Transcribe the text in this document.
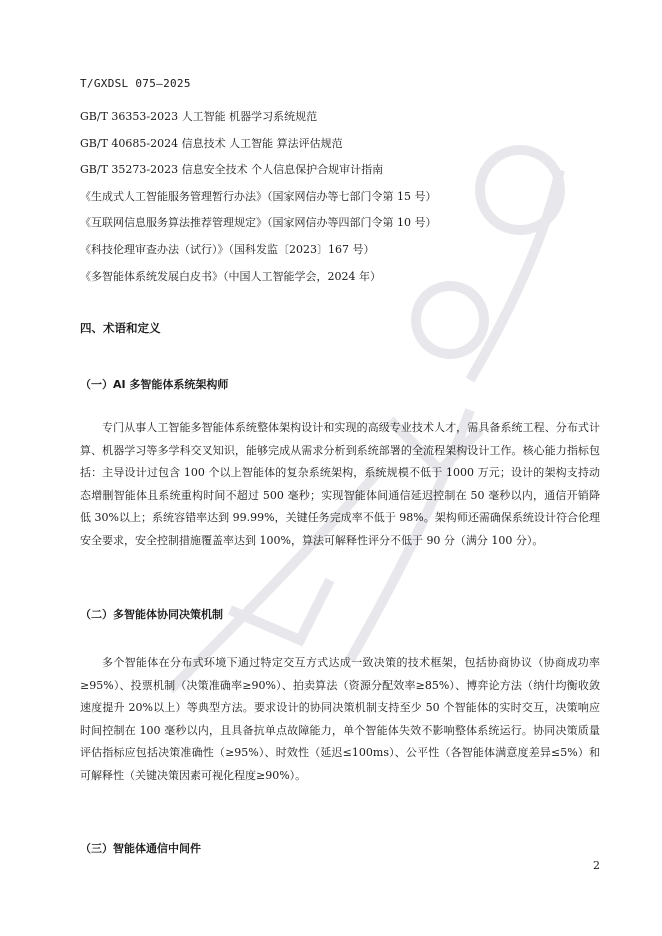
T/GXDSL 075—2025
GB/T 36353-2023 人工智能 机器学习系统规范
GB/T 40685-2024 信息技术 人工智能 算法评估规范
GB/T 35273-2023 信息安全技术 个人信息保护合规审计指南
《生成式人工智能服务管理暂行办法》（国家网信办等七部门令第 15 号）
《互联网信息服务算法推荐管理规定》（国家网信办等四部门令第 10 号）
《科技伦理审查办法（试行）》（国科发监〔2023〕167 号）
《多智能体系统发展白皮书》（中国人工智能学会，2024 年）
四、术语和定义
（一）AI 多智能体系统架构师
专门从事人工智能多智能体系统整体架构设计和实现的高级专业技术人才，需具备系统工程、分布式计算、机器学习等多学科交叉知识，能够完成从需求分析到系统部署的全流程架构设计工作。核心能力指标包括：主导设计过包含 100 个以上智能体的复杂系统架构，系统规模不低于 1000 万元；设计的架构支持动态增删智能体且系统重构时间不超过 500 毫秒；实现智能体间通信延迟控制在 50 毫秒以内，通信开销降低 30%以上；系统容错率达到 99.99%，关键任务完成率不低于 98%。架构师还需确保系统设计符合伦理安全要求，安全控制措施覆盖率达到 100%，算法可解释性评分不低于 90 分（满分 100 分）。
（二）多智能体协同决策机制
多个智能体在分布式环境下通过特定交互方式达成一致决策的技术框架，包括协商协议（协商成功率≥95%）、投票机制（决策准确率≥90%）、拍卖算法（资源分配效率≥85%）、博弈论方法（纳什均衡收敛速度提升 20%以上）等典型方法。要求设计的协同决策机制支持至少 50 个智能体的实时交互，决策响应时间控制在 100 毫秒以内，且具备抗单点故障能力，单个智能体失效不影响整体系统运行。协同决策质量评估指标应包括决策准确性（≥95%）、时效性（延迟≤100ms）、公平性（各智能体满意度差异≤5%）和可解释性（关键决策因素可视化程度≥90%）。
（三）智能体通信中间件
2
